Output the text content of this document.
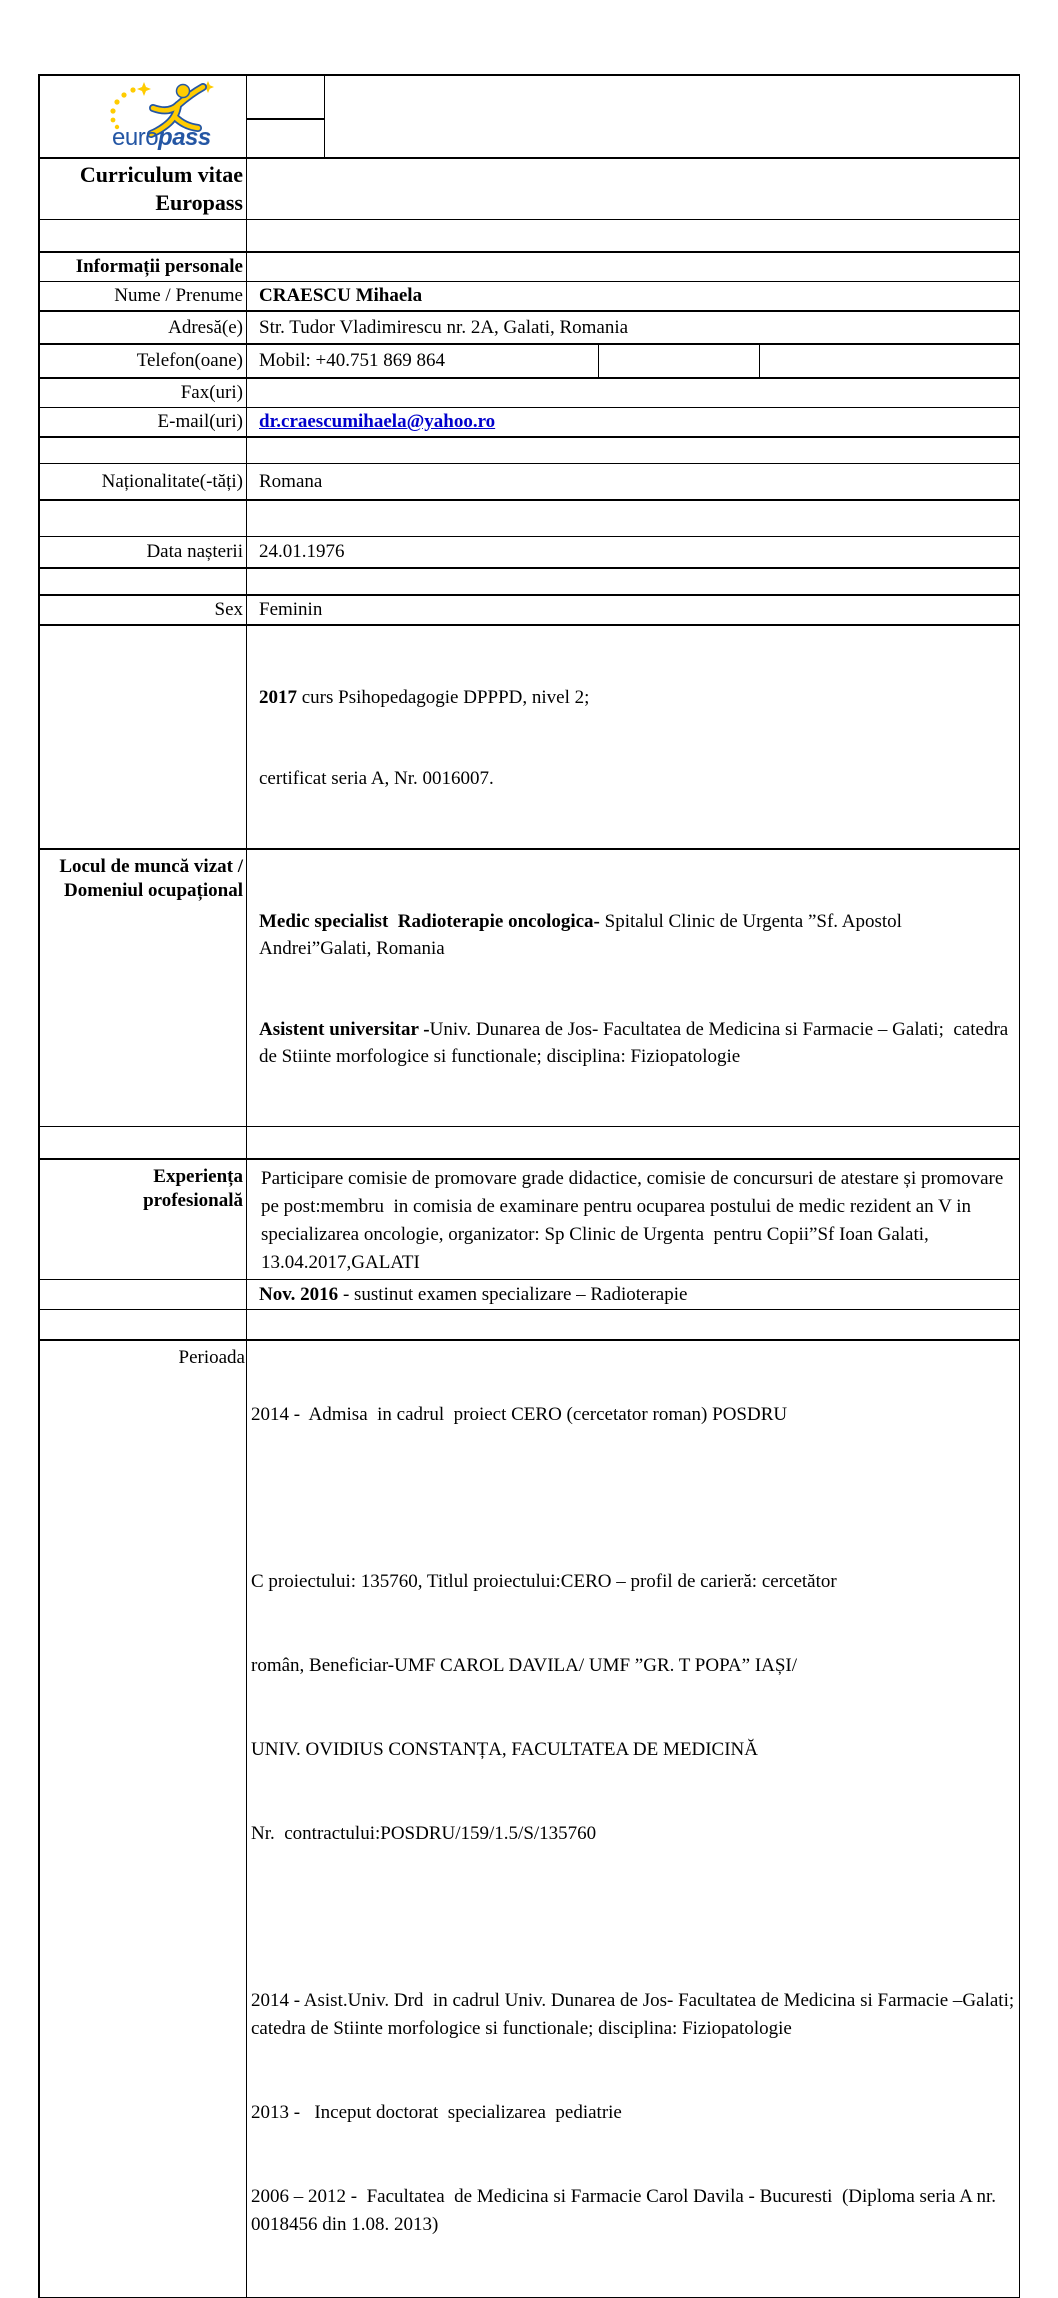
europass
Curriculum vitae
Europass
Informații personale
Nume / Prenume CRAESCU Mihaela
Adresă(e) Str. Tudor Vladimirescu nr. 2A, Galati, Romania
Telefon(oane) Mobil: +40.751 869 864
Fax(uri)
E-mail(uri) dr.craescumihaela@yahoo.ro
Naționalitate(-tăți) Romana
Data nașterii 24.01.1976
Sex Feminin

2017 curs Psihopedagogie DPPPD, nivel 2;

certificat seria A, Nr. 0016007.

Locul de muncă vizat /
Domeniul ocupațional

Medic specialist  Radioterapie oncologica- Spitalul Clinic de Urgenta ”Sf. Apostol Andrei”Galati, Romania

Asistent universitar -Univ. Dunarea de Jos- Facultatea de Medicina si Farmacie – Galati;  catedra de Stiinte morfologice si functionale; disciplina: Fiziopatologie

Experiența
profesională
Participare comisie de promovare grade didactice, comisie de concursuri de atestare și promovare pe post:membru  in comisia de examinare pentru ocuparea postului de medic rezident an V in specializarea oncologie, organizator: Sp Clinic de Urgenta  pentru Copii”Sf Ioan Galati, 13.04.2017,GALATI
Nov. 2016 - sustinut examen specializare – Radioterapie
Perioada

2014 -  Admisa  in cadrul  proiect CERO (cercetator roman) POSDRU

C proiectului: 135760, Titlul proiectului:CERO – profil de carieră: cercetător

român, Beneficiar-UMF CAROL DAVILA/ UMF ”GR. T POPA” IAȘI/

UNIV. OVIDIUS CONSTANȚA, FACULTATEA DE MEDICINĂ

Nr.  contractului:POSDRU/159/1.5/S/135760

2014 - Asist.Univ. Drd  in cadrul Univ. Dunarea de Jos- Facultatea de Medicina si Farmacie –Galati;  catedra de Stiinte morfologice si functionale; disciplina: Fiziopatologie

2013 -   Inceput doctorat  specializarea  pediatrie

2006 – 2012 -  Facultatea  de Medicina si Farmacie Carol Davila - Bucuresti  (Diploma seria A nr. 0018456 din 1.08. 2013)
